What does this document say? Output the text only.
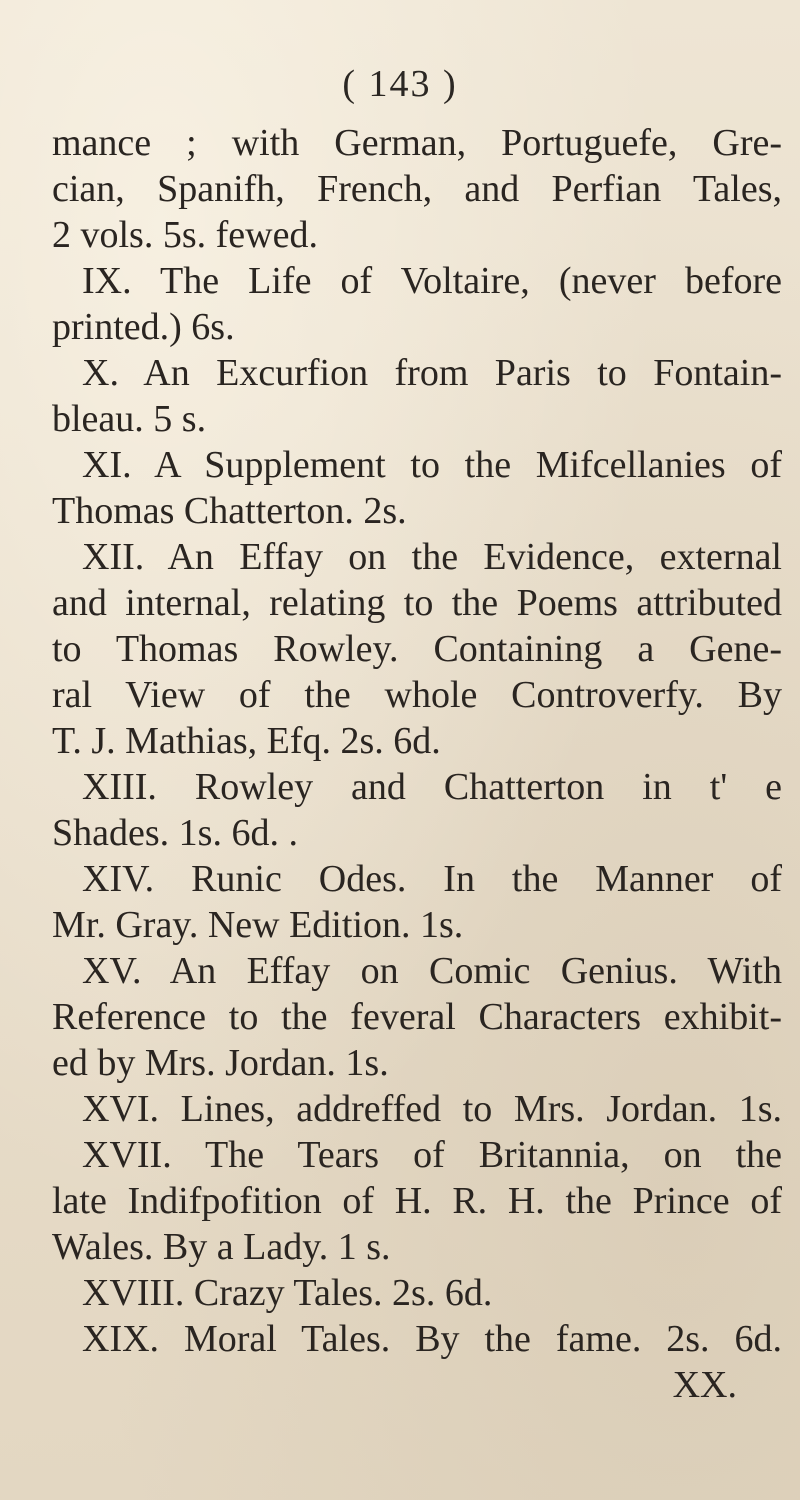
( 143 )
mance ; with German, Portuguefe, Gre-
cian, Spanifh, French, and Perfian Tales,
2 vols. 5s. fewed.
IX. The Life of Voltaire, (never before
printed.) 6s.
X. An Excurfion from Paris to Fontain-
bleau. 5 s.
XI. A Supplement to the Mifcellanies of
Thomas Chatterton. 2s.
XII. An Effay on the Evidence, external
and internal, relating to the Poems attributed
to Thomas Rowley. Containing a Gene-
ral View of the whole Controverfy. By
T. J. Mathias, Efq. 2s. 6d.
XIII. Rowley and Chatterton in t' e
Shades. 1s. 6d. .
XIV. Runic Odes. In the Manner of
Mr. Gray. New Edition. 1s.
XV. An Effay on Comic Genius. With
Reference to the feveral Characters exhibit-
ed by Mrs. Jordan. 1s.
XVI. Lines, addreffed to Mrs. Jordan. 1s.
XVII. The Tears of Britannia, on the
late Indifpofition of H. R. H. the Prince of
Wales. By a Lady. 1 s.
XVIII. Crazy Tales. 2s. 6d.
XIX. Moral Tales. By the fame. 2s. 6d.
XX.
